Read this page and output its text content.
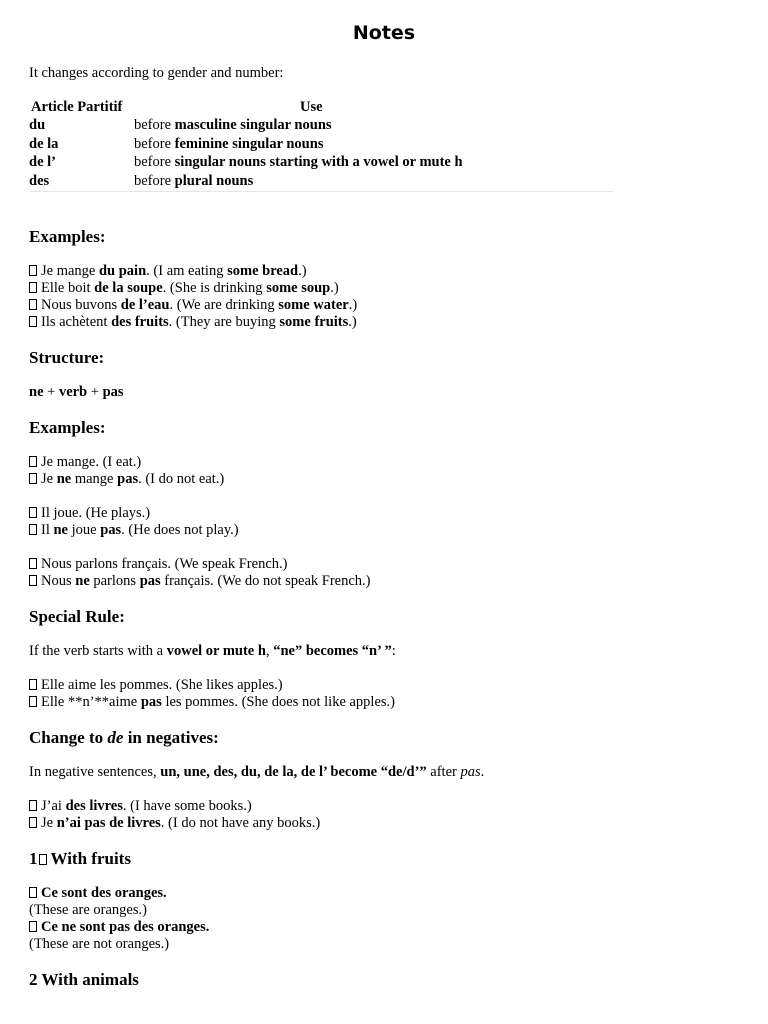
Notes
It changes according to gender and number:
Article Partitif	Use
du	before masculine singular nouns
de la	before feminine singular nouns
de l’	before singular nouns starting with a vowel or mute h
des	before plural nouns
Examples:
Je mange du pain. (I am eating some bread.)
Elle boit de la soupe. (She is drinking some soup.)
Nous buvons de l’eau. (We are drinking some water.)
Ils achètent des fruits. (They are buying some fruits.)
Structure:
ne + verb + pas
Examples:
Je mange. (I eat.)
Je ne mange pas. (I do not eat.)
Il joue. (He plays.)
Il ne joue pas. (He does not play.)
Nous parlons français. (We speak French.)
Nous ne parlons pas français. (We do not speak French.)
Special Rule:
If the verb starts with a vowel or mute h, “ne” becomes “n’ ”:
Elle aime les pommes. (She likes apples.)
Elle **n’**aime pas les pommes. (She does not like apples.)
Change to de in negatives:
In negative sentences, un, une, des, du, de la, de l’ become “de/d’” after pas.
J’ai des livres. (I have some books.)
Je n’ai pas de livres. (I do not have any books.)
1 With fruits
Ce sont des oranges.
(These are oranges.)
Ce ne sont pas des oranges.
(These are not oranges.)
2 With animals
